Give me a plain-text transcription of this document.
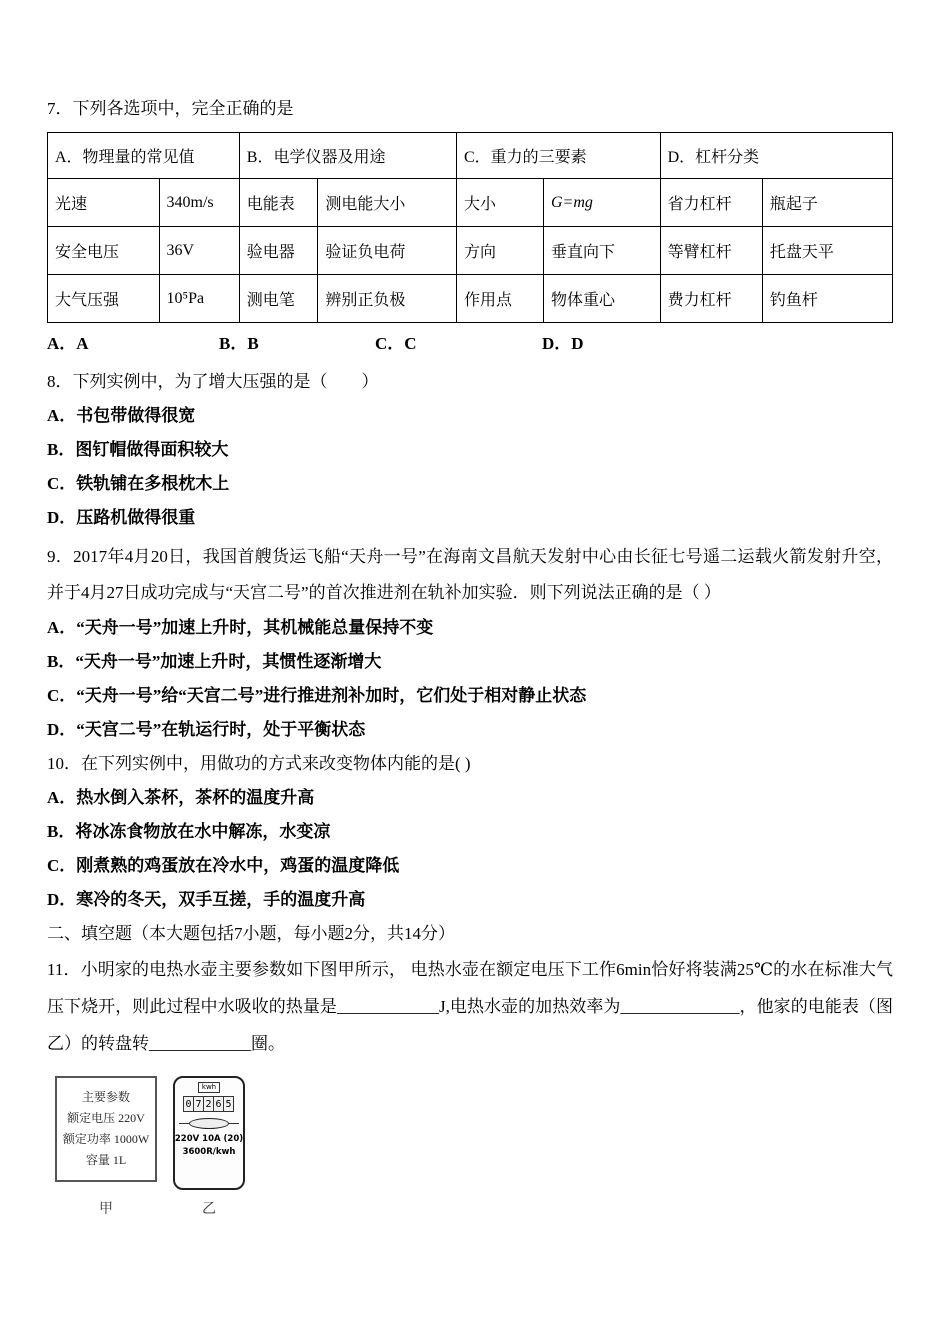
7．下列各选项中，完全正确的是

A．物理量的常见值		B．电学仪器及用途		C．重力的三要素		D．杠杆分类	
光速	340m/s	电能表	测电能大小	大小	G=mg	省力杠杆	瓶起子
安全电压	36V	验电器	验证负电荷	方向	垂直向下	等臂杠杆	托盘天平
大气压强	10⁵Pa	测电笔	辨别正负极	作用点	物体重心	费力杠杆	钓鱼杆
A．A	B．B	C．C	D．D

8．下列实例中，为了增大压强的是（　　）

A．书包带做得很宽

B．图钉帽做得面积较大

C．铁轨铺在多根枕木上

D．压路机做得很重

9．2017年4月20日，我国首艘货运飞船“天舟一号”在海南文昌航天发射中心由长征七号遥二运载火箭发射升空，并于4月27日成功完成与“天宫二号”的首次推进剂在轨补加实验．则下列说法正确的是（ ）

A．“天舟一号”加速上升时，其机械能总量保持不变

B．“天舟一号”加速上升时，其惯性逐渐增大

C．“天舟一号”给“天宫二号”进行推进剂补加时，它们处于相对静止状态

D．“天宫二号”在轨运行时，处于平衡状态

10．在下列实例中，用做功的方式来改变物体内能的是( )

A．热水倒入茶杯，茶杯的温度升高

B．将冰冻食物放在水中解冻，水变凉

C．刚煮熟的鸡蛋放在冷水中，鸡蛋的温度降低

D．寒冷的冬天，双手互搓，手的温度升高

二、填空题（本大题包括7小题，每小题2分，共14分）

11．小明家的电热水壶主要参数如下图甲所示， 电热水壶在额定电压下工作6min恰好将装满25℃的水在标准大气压下烧开，则此过程中水吸收的热量是____________J,电热水壶的加热效率为______________，他家的电能表（图乙）的转盘转____________圈。

主要参数
额定电压 220V
额定功率 1000W
容量 1L
kwh
0 7 2 6 5
220V 10A (20)
3600R/kwh
甲	乙
